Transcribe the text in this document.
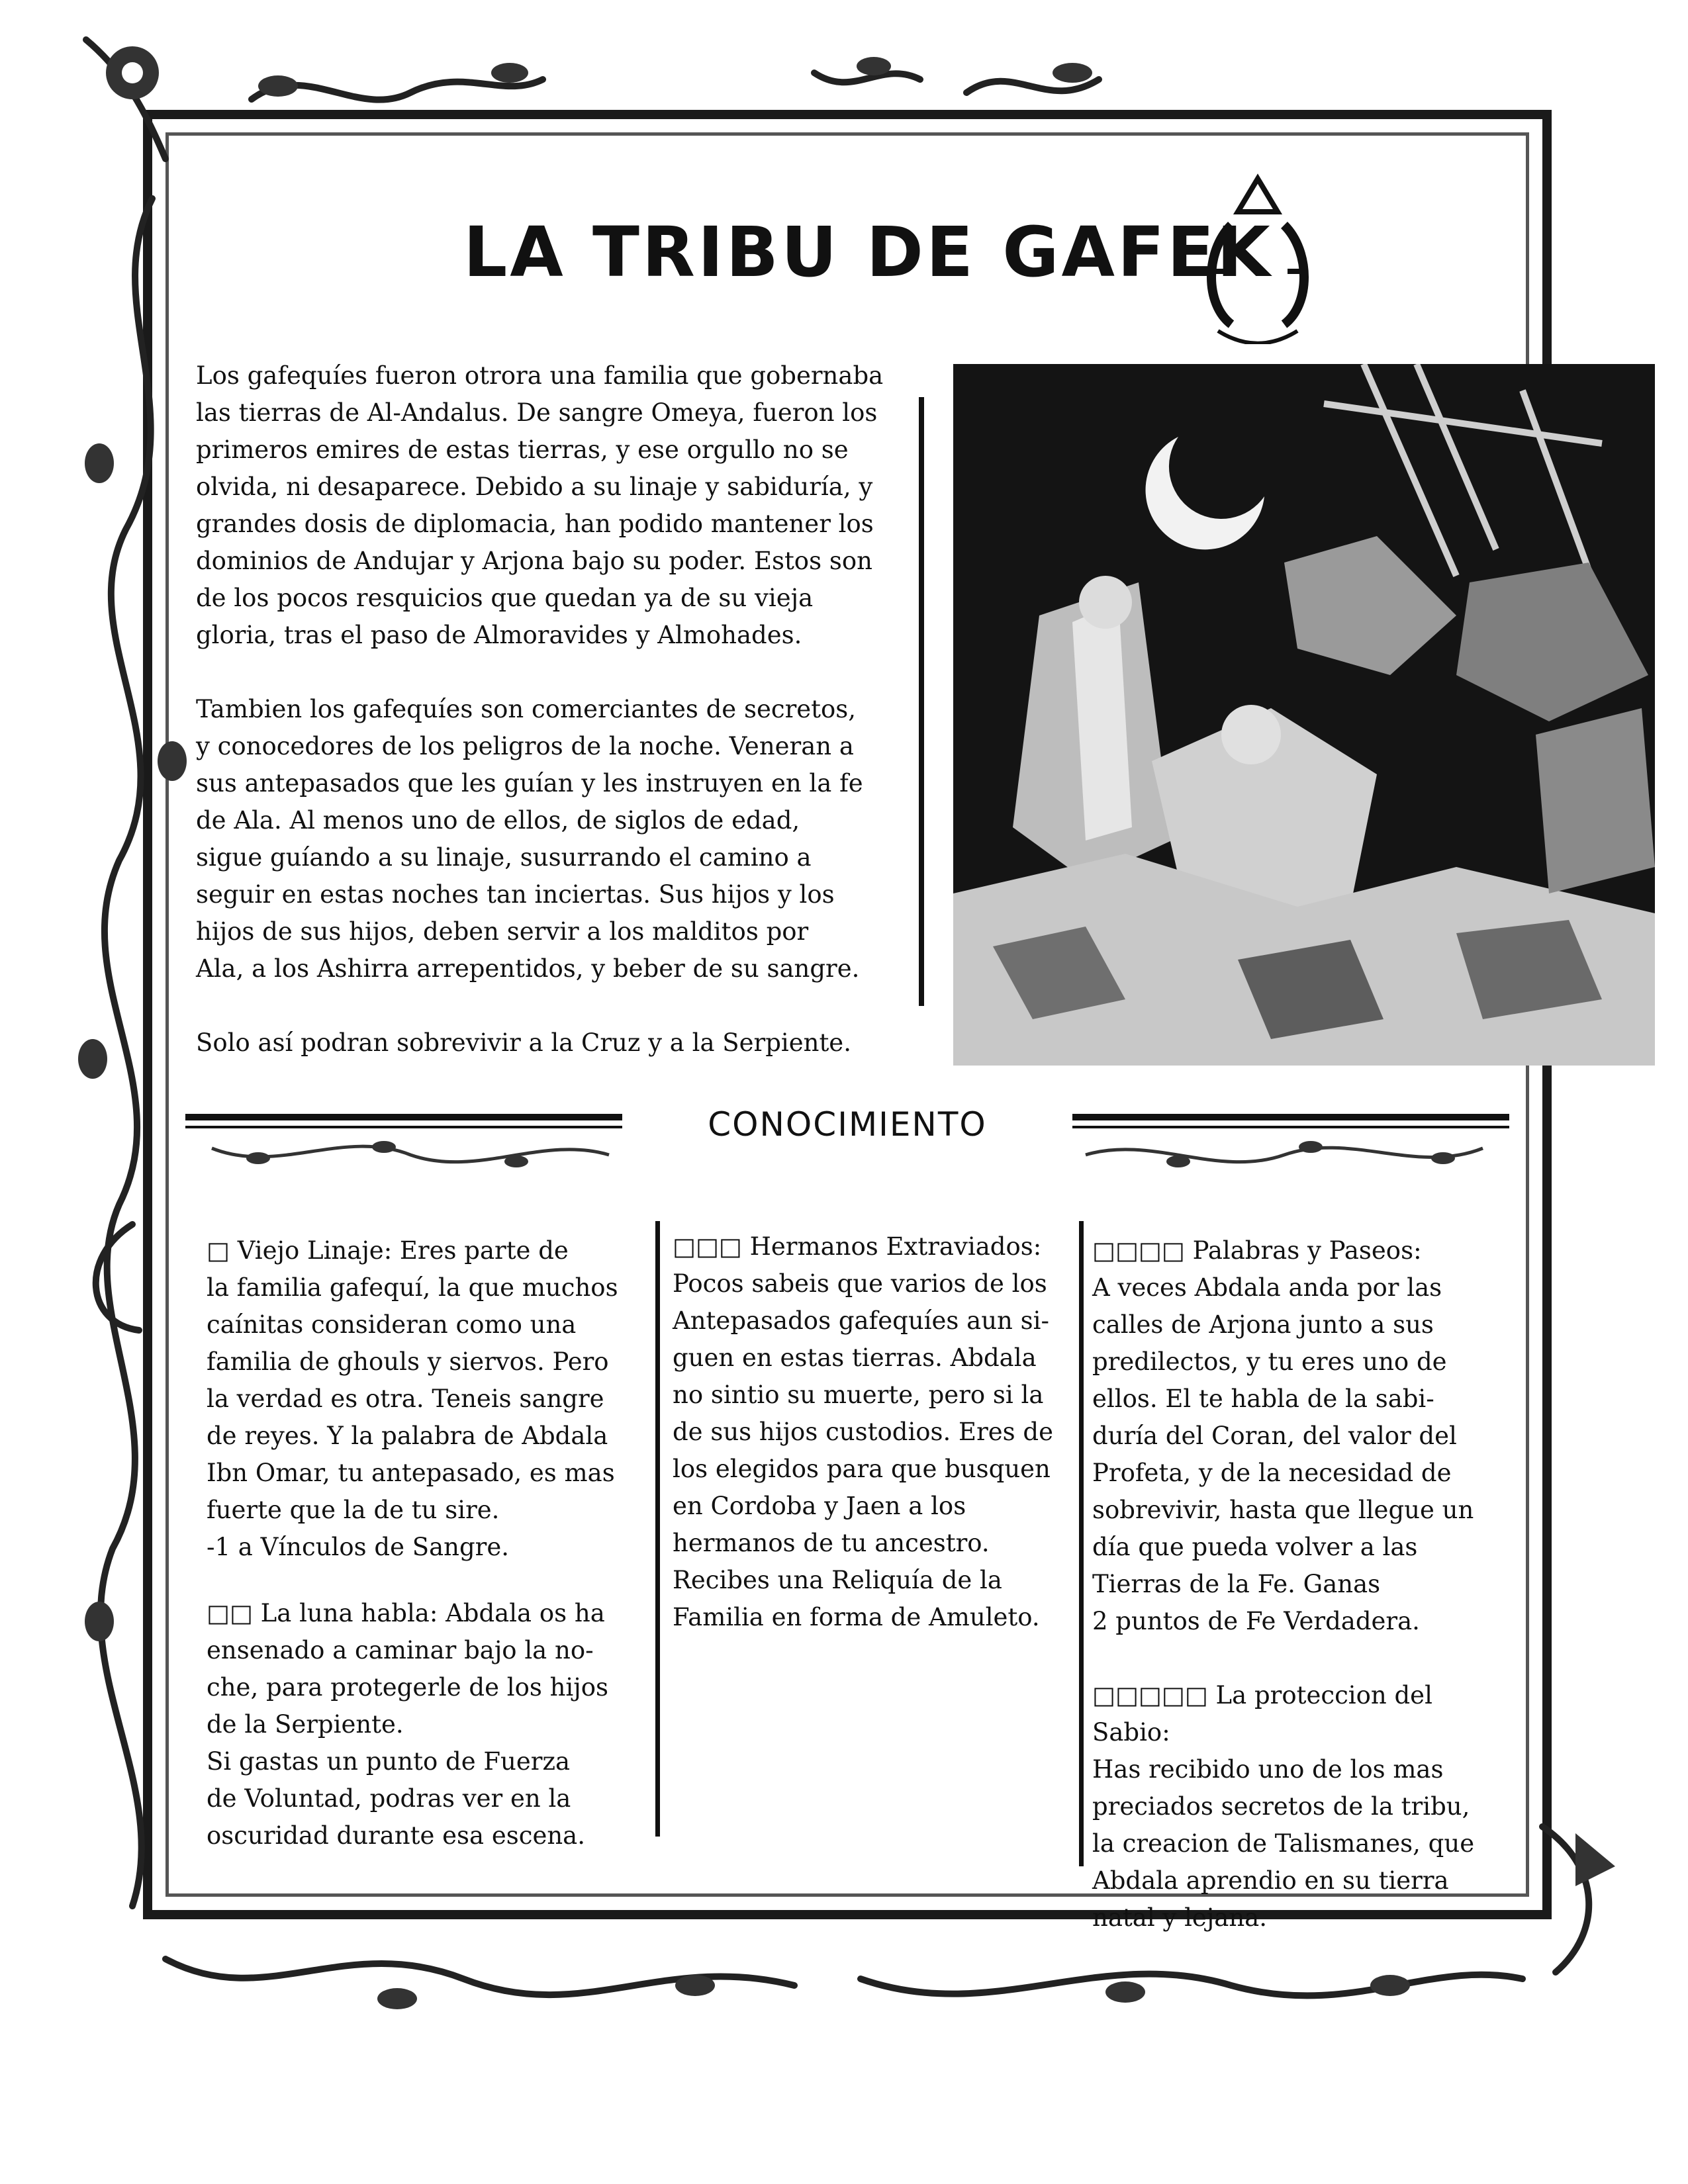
LA TRIBU DE GAFEK

Los gafequíes fueron otrora una familia que gobernaba
las tierras de Al-Andalus. De sangre Omeya, fueron los
primeros emires de estas tierras, y ese orgullo no se
olvida, ni desaparece. Debido a su linaje y sabiduría, y
grandes dosis de diplomacia, han podido mantener los
dominios de Andujar y Arjona bajo su poder. Estos son
de los pocos resquicios que quedan ya de su vieja
gloria, tras el paso de Almoravides y Almohades.

Tambien los gafequíes son comerciantes de secretos,
y conocedores de los peligros de la noche. Veneran a
sus antepasados que les guían y les instruyen en la fe
de Ala. Al menos uno de ellos, de siglos de edad,
sigue guíando a su linaje, susurrando el camino a
seguir en estas noches tan inciertas. Sus hijos y los
hijos de sus hijos, deben servir a los malditos por
Ala, a los Ashirra arrepentidos, y beber de su sangre.

Solo así podran sobrevivir a la Cruz y a la Serpiente.

CONOCIMIENTO

□ Viejo Linaje: Eres parte de
la familia gafequí, la que muchos
caínitas consideran como una
familia de ghouls y siervos. Pero
la verdad es otra. Teneis sangre
de reyes. Y la palabra de Abdala
Ibn Omar, tu antepasado, es mas
fuerte que la de tu sire.
-1 a Vínculos de Sangre.

□□ La luna habla: Abdala os ha
ensenado a caminar bajo la no-
che, para protegerle de los hijos
de la Serpiente.
Si gastas un punto de Fuerza
de Voluntad, podras ver en la
oscuridad durante esa escena.

□□□ Hermanos Extraviados:
Pocos sabeis que varios de los
Antepasados gafequíes aun si-
guen en estas tierras. Abdala
no sintio su muerte, pero si la
de sus hijos custodios. Eres de
los elegidos para que busquen
en Cordoba y Jaen a los
hermanos de tu ancestro.
Recibes una Reliquía de la
Familia en forma de Amuleto.

□□□□ Palabras y Paseos:
A veces Abdala anda por las
calles de Arjona junto a sus
predilectos, y tu eres uno de
ellos. El te habla de la sabi-
duría del Coran, del valor del
Profeta, y de la necesidad de
sobrevivir, hasta que llegue un
día que pueda volver a las
Tierras de la Fe. Ganas
2 puntos de Fe Verdadera.

□□□□□ La proteccion del Sabio:
Has recibido uno de los mas
preciados secretos de la tribu,
la creacion de Talismanes, que
Abdala aprendio en su tierra
natal y lejana.
